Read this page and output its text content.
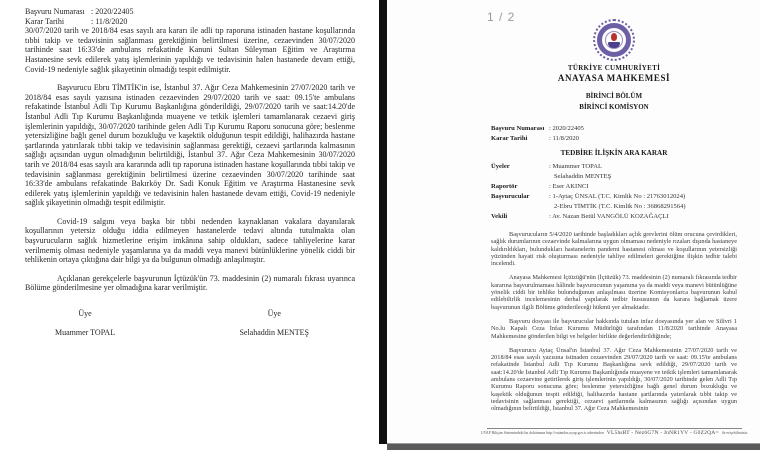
Başvuru Numarası : 2020/22405
Karar Tarihi	: 11/8/2020

30/07/2020 tarih ve 2018/84 esas sayılı ara kararı ile adli tıp raporuna istinaden hastane koşullarında tıbbi takip ve tedavisinin sağlanması gerektiğinin belirtilmesi üzerine, cezaevinden 30/07/2020 tarihinde saat 16:33'de ambulans refakatinde Kanuni Sultan Süleyman Eğitim ve Araştırma Hastanesine sevk edilerek yatış işlemlerinin yapıldığı ve tedavisinin halen hastanede devam ettiği, Covid-19 nedeniyle sağlık şikayetinin olmadığı tespit edilmiştir.

Başvurucu Ebru TİMTİK'in ise, İstanbul 37. Ağır Ceza Mahkemesinin 27/07/2020 tarih ve 2018/84 esas sayılı yazısına istinaden cezaevinden 29/07/2020 tarih ve saat: 09.15'te ambulans refakatinde İstanbul Adli Tıp Kurumu Başkanlığına gönderildiği, 29/07/2020 tarih ve saat:14.20'de İstanbul Adli Tıp Kurumu Başkanlığında muayene ve tetkik işlemleri tamamlanarak cezaevi giriş işlemlerinin yapıldığı, 30/07/2020 tarihinde gelen Adli Tıp Kurumu Raporu sonucuna göre; beslenme yetersizliğine bağlı genel durum bozukluğu ve kaşektik olduğunun tespit edildiği, halihazırda hastane şartlarında yatırılarak tıbbi takip ve tedavisinin sağlanması gerektiği, cezaevi şartlarında kalmasının sağlığı açısından uygun olmadığının belirtildiği, İstanbul 37. Ağır Ceza Mahkemesinin 30/07/2020 tarih ve 2018/84 esas sayılı ara kararında adli tıp raporuna istinaden hastane koşullarında tıbbi takip ve tedavisinin sağlanması gerektiğinin belirtilmesi üzerine cezaevinden 30/07/2020 tarihinde saat 16:33'de ambulans refakatinde Bakırköy Dr. Sadi Konuk Eğitim ve Araştırma Hastanesine sevk edilerek yatış işlemlerinin yapıldığı ve tedavisinin halen hastanede devam ettiği, Covid-19 nedeniyle sağlık şikayetinin olmadığı tespit edilmiştir.

Covid-19 salgını veya başka bir tıbbi nedenden kaynaklanan vakalara dayanılarak koşullarının yetersiz olduğu iddia edilmeyen hastanelerde tedavi altında tutulmakta olan başvurucuların sağlık hizmetlerine erişim imkânına sahip oldukları, sadece tahliyelerine karar verilmemiş olması nedeniyle yaşamlarına ya da maddi veya manevi bütünlüklerine yönelik ciddi bir tehlikenin ortaya çıktığına dair bilgi ya da bulgunun olmadığı anlaşılmıştır.

Açıklanan gerekçelerle başvurunun İçtüzük'ün 73. maddesinin (2) numaralı fıkrası uyarınca Bölüme gönderilmesine yer olmadığına karar verilmiştir.

Üye
Muammer TOPAL
Üye
Selahaddin MENTEŞ
1 / 2
TÜRKİYE CUMHURİYETİ
ANAYASA MAHKEMESİ
BİRİNCİ BÖLÜM
BİRİNCİ KOMİSYON
Başvuru Numarası : 2020/22405
Karar Tarihi	: 11/8/2020
TEDBİRE İLİŞKİN ARA KARAR
Üyeler	: Muammer TOPAL
Selahaddin MENTEŞ
Raportör	: Eser AKINCI
Başvurucular	: 1-Aytaç ÜNSAL (T.C. Kimlik No : 21763012024)
2-Ebru TİMTİK (T.C. Kimlik No : 36868291564)
Vekili	: Av. Nazan Betül VANGÖLÜ KOZAĞAÇLI

Başvurucuların 5/4/2020 tarihinde başladıkları açlık grevlerini ölüm orucuna çevirdikleri, sağlık durumlarının cezaevinde kalmalarına uygun olmaması nedeniyle rızaları dışında hastaneye kaldırıldıkları, bulundukları hastanelerin pandemi hastanesi olması ve koşullarının yetersizliği yüzünden hayati risk oluşturması nedeniyle tahliye edilmeleri gerektiğine ilişkin tedbir talebi incelendi.

Anayasa Mahkemesi İçtüzüğü'nün (İçtüzük) 73. maddesinin (2) numaralı fıkrasında tedbir kararına başvurulmaması hâlinde başvurucunun yaşamına ya da maddi veya manevi bütünlüğüne yönelik ciddi bir tehlike bulunduğunun anlaşılması üzerine Komisyonlarca başvurunun kabul edilebilirlik incelemesinin derhal yapılarak tedbir hususunun da karara bağlamak üzere başvurunun ilgili Bölüme gönderileceği hükmü yer almaktadır.

Başvuru dosyası ile başvurucular hakkında tutulan infaz dosyasında yer alan ve Silivri 1 No.lu Kapalı Ceza İnfaz Kurumu Müdürlüğü tarafından 11/8/2020 tarihinde Anayasa Mahkemesine gönderilen bilgi ve belgeler birlikte değerlendirildiğinde;

Başvurucu Aytaç Ünsal'ın İstanbul 37. Ağır Ceza Mahkemesinin 27/07/2020 tarih ve 2018/84 esas sayılı yazısına istinaden cezaevinden 29/07/2020 tarih ve saat: 09.15'te ambulans refakatinde İstanbul Adli Tıp Kurumu Başkanlığına sevk edildiği, 29/07/2020 tarih ve saat:14.20'de İstanbul Adli Tıp Kurumu Başkanlığında muayene ve tetkik işlemleri tamamlanarak ambulans cezaevine getirilerek giriş işlemlerinin yapıldığı, 30/07/2020 tarihinde gelen Adli Tıp Kurumu Raporu sonucuna göre; beslenme yetersizliğine bağlı genel durum bozukluğu ve kaşektik olduğunun tespit edildiği, halihazırda hastane şartlarında yatırılarak tıbbi takip ve tedavisinin sağlanması gerektiği, cezaevi şartlarında kalmasının sağlığı açısından uygun olmadığının belirtildiği, İstanbul 37. Ağır Ceza Mahkemesinin

UYAP Bilişim Sistemindeki bu dokümana http://vatandas.uyap.gov.tr adresinden VL5hsRT - Nez6G7N - JnNR1YV - G0Z2QA= ile erişebilirsiniz.
